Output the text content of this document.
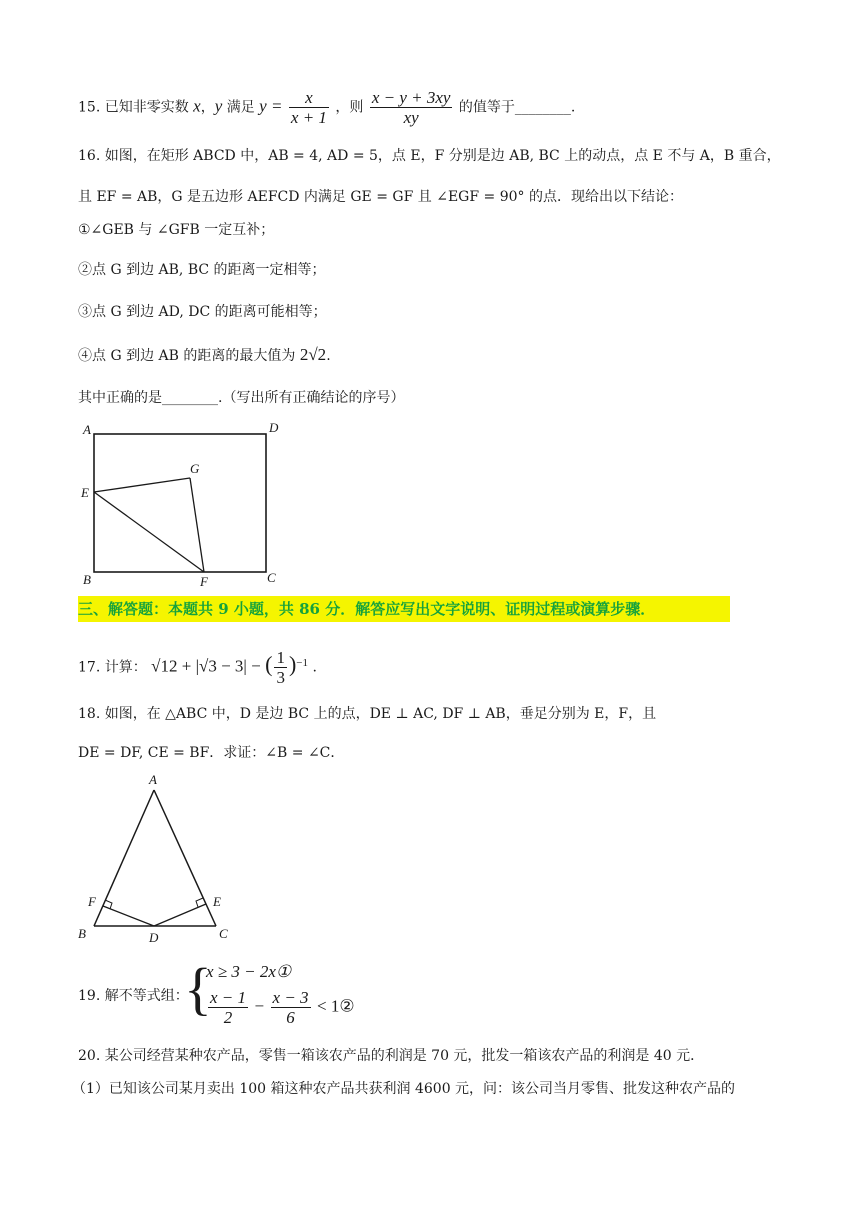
15. 已知非零实数 x，y 满足 $y = \frac{x}{x + 1}$ ，则 $\frac{x - y + 3xy}{xy}$ 的值等于________.
16. 如图，在矩形 ABCD 中，AB = 4, AD = 5，点 E，F 分别是边 AB, BC 上的动点，点 E 不与 A，B 重合，
且 EF = AB，G 是五边形 AEFCD 内满足 GE = GF 且 ∠EGF = 90° 的点．现给出以下结论：
①∠GEB 与 ∠GFB 一定互补；
②点 G 到边 AB, BC 的距离一定相等；
③点 G 到边 AD, DC 的距离可能相等；
④点 G 到边 AB 的距离的最大值为 2√2.
其中正确的是________.（写出所有正确结论的序号）
A	D
G
E
B	F	C
三、解答题：本题共 9 小题，共 86 分．解答应写出文字说明、证明过程或演算步骤．
17. 计算： √12 + |√3 − 3| − ( $\frac{1}{3} )^{-1}$ .
18. 如图，在 △ABC 中，D 是边 BC 上的点，DE ⊥ AC, DF ⊥ AB，垂足分别为 E，F，且
DE = DF, CE = BF．求证：∠B = ∠C．
A
F	E
B	D	C
19. 解不等式组：
{
x ≥ 3 − 2x①
$\frac{x - 1}{2} - \frac{x - 3}{6}$ < 1②
20. 某公司经营某种农产品，零售一箱该农产品的利润是 70 元，批发一箱该农产品的利润是 40 元．
（1）已知该公司某月卖出 100 箱这种农产品共获利润 4600 元，问：该公司当月零售、批发这种农产品的
